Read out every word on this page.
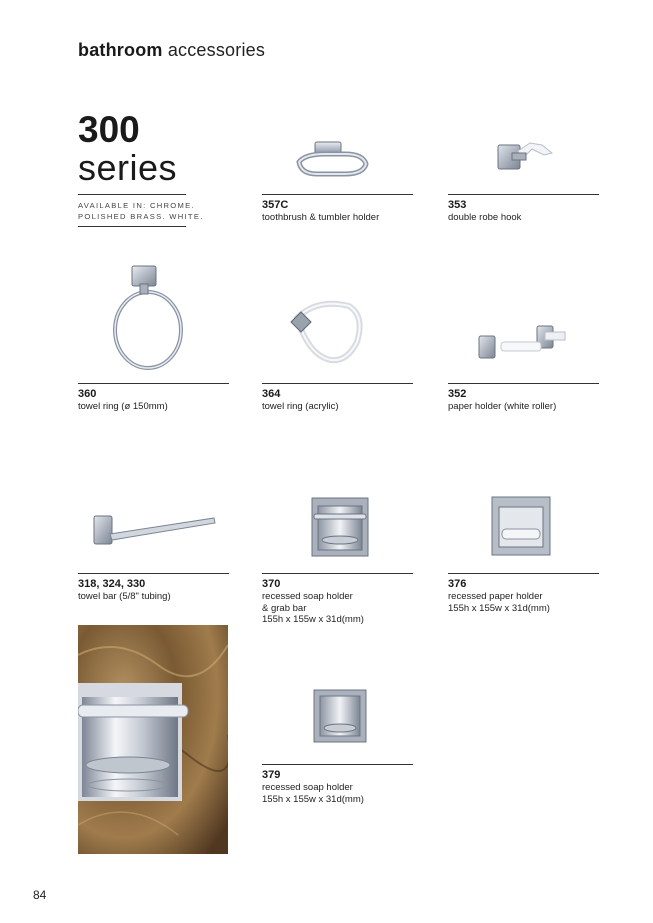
bathroom accessories
300
series
AVAILABLE IN: CHROME.
POLISHED BRASS. WHITE.
357C
toothbrush & tumbler holder
353
double robe hook
360
towel ring (ø 150mm)
364
towel ring (acrylic)
352
paper holder (white roller)
318, 324, 330
towel bar (5/8" tubing)
370
recessed soap holder
& grab bar
155h x 155w x 31d(mm)
376
recessed paper holder
155h x 155w x 31d(mm)
379
recessed soap holder
155h x 155w x 31d(mm)
84
